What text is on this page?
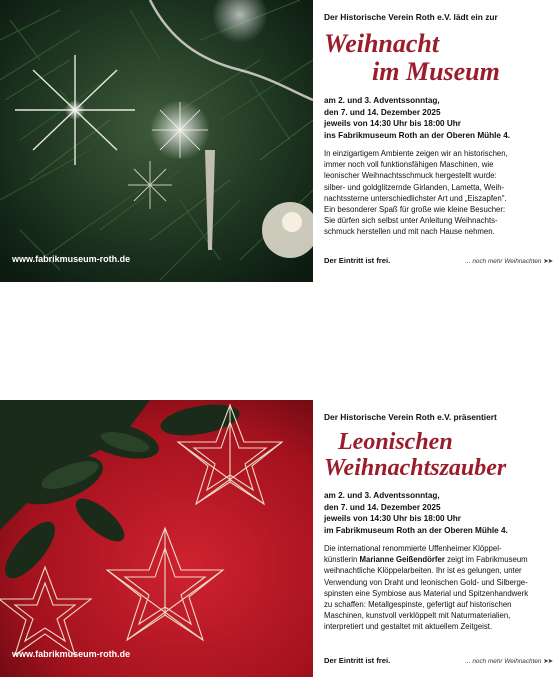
www.fabrikmuseum-roth.de

Der Historische Verein Roth e.V. lädt ein zur

Weihnacht
im Museum
am 2. und 3. Adventssonntag,
den 7. und 14. Dezember 2025
jeweils von 14:30 Uhr bis 18:00 Uhr
ins Fabrikmuseum Roth an der Oberen Mühle 4.
In einzigartigem Ambiente zeigen wir an historischen,
immer noch voll funktionsfähigen Maschinen, wie
leonischer Weihnachtsschmuck hergestellt wurde:
silber- und goldglitzernde Girlanden, Lametta, Weih-
nachtssterne unterschiedlichster Art und „Eiszapfen".
Ein besonderer Spaß für große wie kleine Besucher:
Sie dürfen sich selbst unter Anleitung Weihnachts-
schmuck herstellen und mit nach Hause nehmen.
Der Eintritt ist frei.	... noch mehr Weihnachten ➤➤
www.fabrikmuseum-roth.de

Der Historische Verein Roth e.V. präsentiert

Leonischen
Weihnachtszauber
am 2. und 3. Adventssonntag,
den 7. und 14. Dezember 2025
jeweils von 14:30 Uhr bis 18:00 Uhr
im Fabrikmuseum Roth an der Oberen Mühle 4.
Die international renommierte Uffenheimer Klöppel-
künstlerin Marianne Geißendörfer zeigt im Fabrikmuseum
weihnachtliche Klöppelarbeiten. Ihr ist es gelungen, unter
Verwendung von Draht und leonischen Gold- und Silberge-
spinsten eine Symbiose aus Material und Spitzenhandwerk
zu schaffen: Metallgespinste, gefertigt auf historischen
Maschinen, kunstvoll verklöppelt mit Naturmaterialien,
interpretiert und gestaltet mit aktuellem Zeitgeist.
Der Eintritt ist frei.	... noch mehr Weihnachten ➤➤
